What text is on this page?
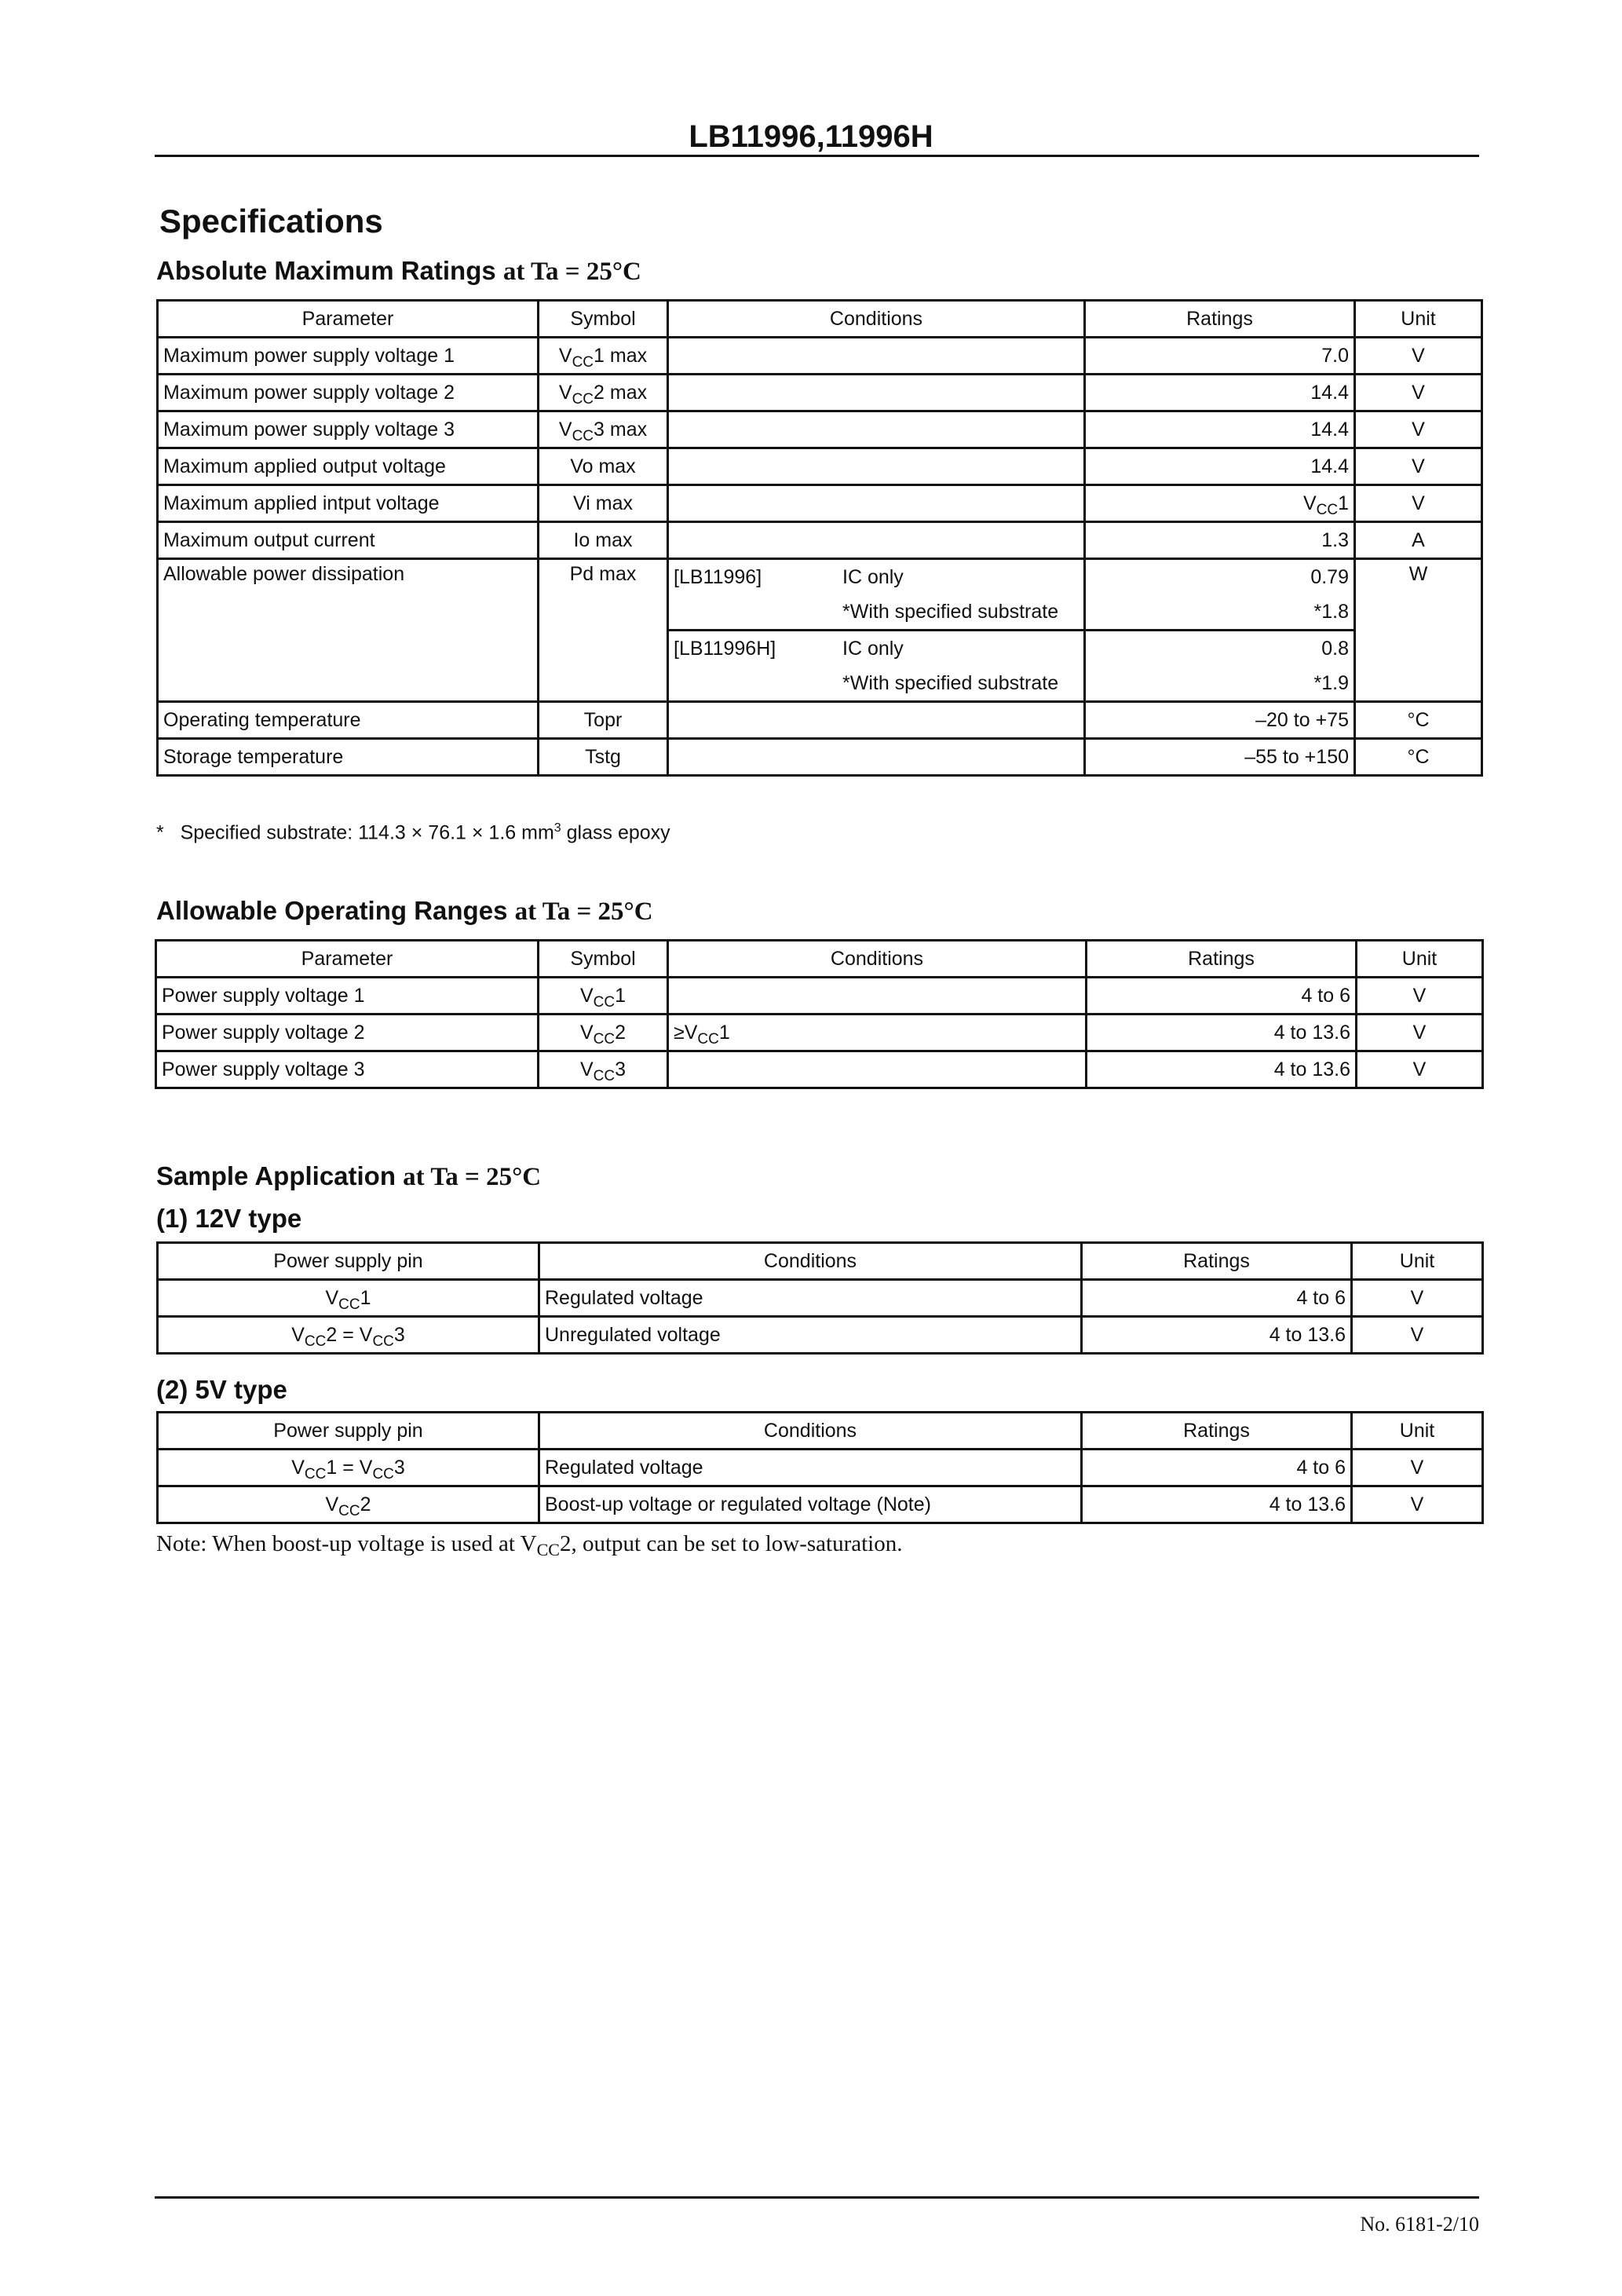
LB11996,11996H
Specifications
Absolute Maximum Ratings at Ta = 25°C
Parameter	Symbol	Conditions	Ratings	Unit
Maximum power supply voltage 1	$V_{CC}1$ max		7.0	V
Maximum power supply voltage 2	$V_{CC}2$ max		14.4	V
Maximum power supply voltage 3	$V_{CC}3$ max		14.4	V
Maximum applied output voltage	Vo max		14.4	V
Maximum applied intput voltage	Vi max		$V_{CC}1$	V
Maximum output current	Io max		1.3	A
Allowable power dissipation	Pd max	[LB11996] IC only	0.79	W
		*With specified substrate	*1.8	
		[LB11996H] IC only	0.8	
		*With specified substrate	*1.9	
Operating temperature	Topr		–20 to +75	°C
Storage temperature	Tstg		–55 to +150	°C
* Specified substrate: 114.3 × 76.1 × 1.6 $mm^3$ glass epoxy
Allowable Operating Ranges at Ta = 25°C
Parameter	Symbol	Conditions	Ratings	Unit
Power supply voltage 1	$V_{CC}1$		4 to 6	V
Power supply voltage 2	$V_{CC}2$	$\ge V_{CC}1$	4 to 13.6	V
Power supply voltage 3	$V_{CC}3$		4 to 13.6	V
Sample Application at Ta = 25°C
(1) 12V type
Power supply pin	Conditions	Ratings	Unit
$V_{CC}1$	Regulated voltage	4 to 6	V
$V_{CC}2 = V_{CC}3$	Unregulated voltage	4 to 13.6	V
(2) 5V type
Power supply pin	Conditions	Ratings	Unit
$V_{CC}1 = V_{CC}3$	Regulated voltage	4 to 6	V
$V_{CC}2$	Boost-up voltage or regulated voltage (Note)	4 to 13.6	V
Note: When boost-up voltage is used at $V_{CC}2$, output can be set to low-saturation.
No. 6181-2/10
